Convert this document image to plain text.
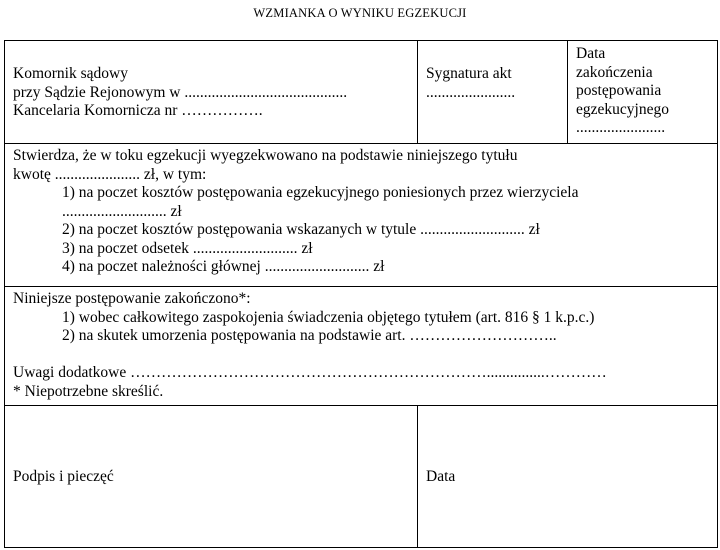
WZMIANKA O WYNIKU EGZEKUCJI
Komornik sądowy
przy Sądzie Rejonowym w ..........................................
Kancelaria Komornicza nr …………….
Sygnatura akt
.......................
Data
zakończenia
postępowania
egzekucyjnego
.......................
Stwierdza, że w toku egzekucji wyegzekwowano na podstawie niniejszego tytułu
kwotę ...................... zł, w tym:
1) na poczet kosztów postępowania egzekucyjnego poniesionych przez wierzyciela
........................... zł
2) na poczet kosztów postępowania wskazanych w tytule ........................... zł
3) na poczet odsetek ........................... zł
4) na poczet należności głównej ........................... zł
Niniejsze postępowanie zakończono*:
1) wobec całkowitego zaspokojenia świadczenia objętego tytułem (art. 816 § 1 k.p.c.)
2) na skutek umorzenia postępowania na podstawie art. ………………………..
Uwagi dodatkowe ……………………………………………………………...............…………
* Niepotrzebne skreślić.
Podpis i pieczęć	Data
